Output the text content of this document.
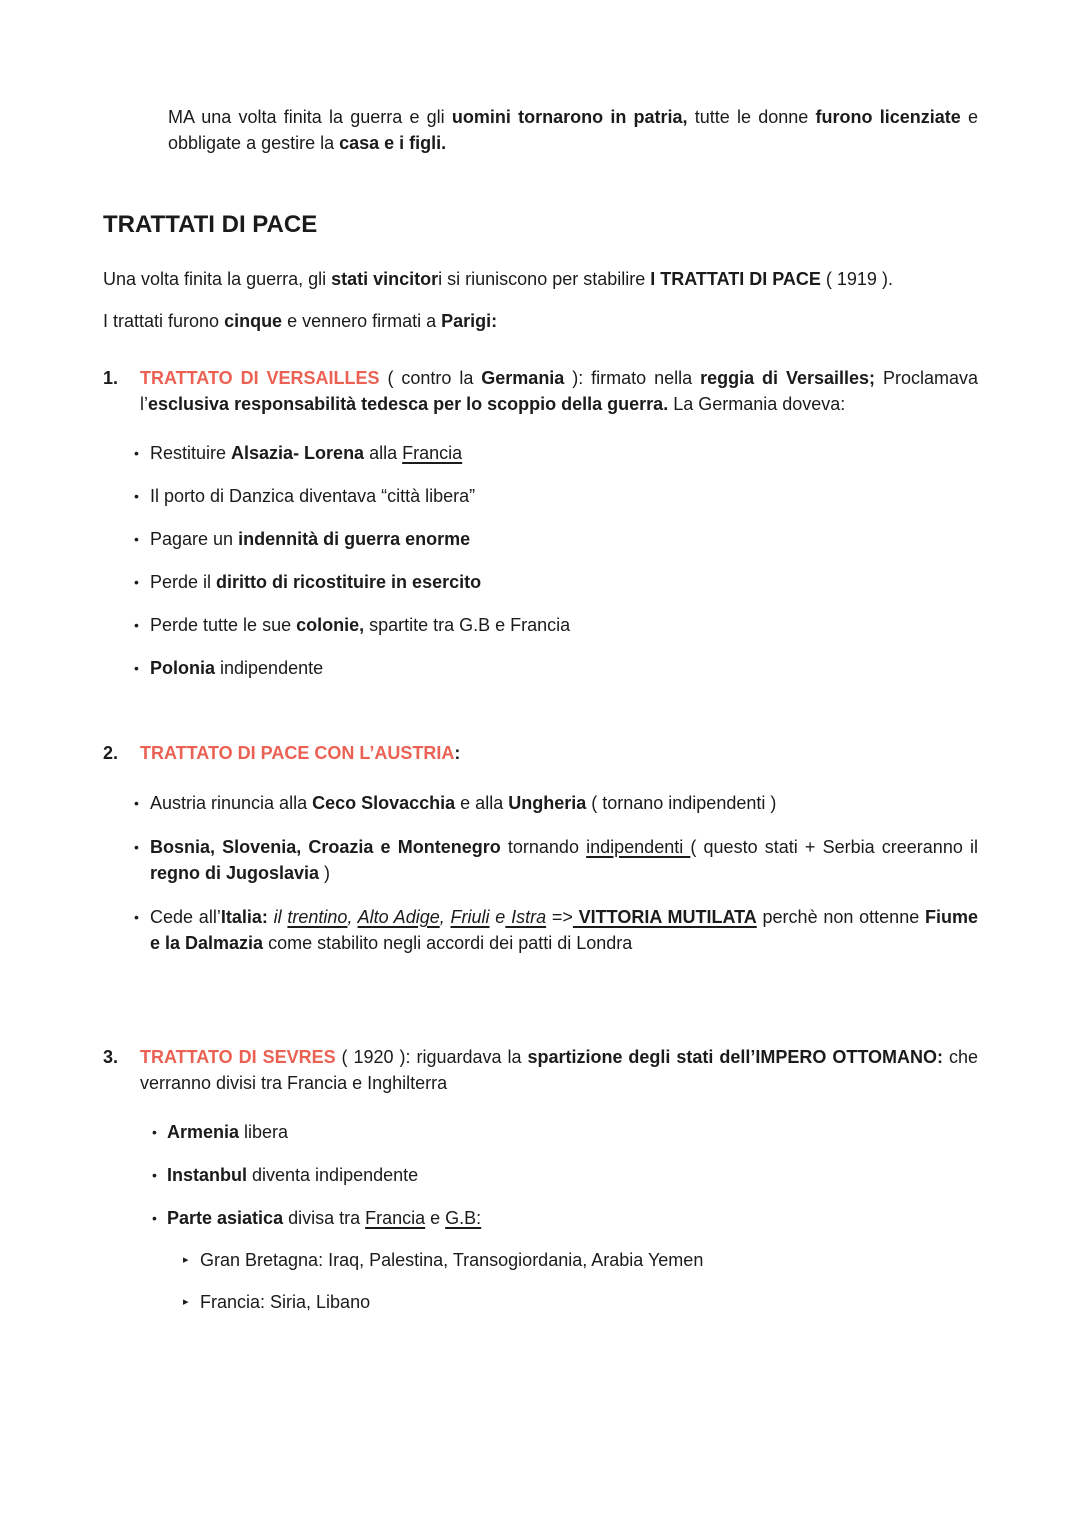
MA una volta finita la guerra e gli uomini tornarono in patria, tutte le donne furono licenziate e obbligate a gestire la casa e i figli.
TRATTATI DI PACE
Una volta finita la guerra, gli stati vincitori si riuniscono per stabilire I TRATTATI DI PACE ( 1919 ).
I trattati furono cinque e vennero firmati a Parigi:
1.	TRATTATO DI VERSAILLES ( contro la Germania ): firmato nella reggia di Versailles; Proclamava l’esclusiva responsabilità tedesca per lo scoppio della guerra. La Germania doveva:
• Restituire Alsazia- Lorena alla Francia
• Il porto di Danzica diventava “città libera”
• Pagare un indennità di guerra enorme
• Perde il diritto di ricostituire in esercito
• Perde tutte le sue colonie, spartite tra G.B e Francia
• Polonia indipendente
2.	TRATTATO DI PACE CON L’AUSTRIA:
• Austria rinuncia alla Ceco Slovacchia e alla Ungheria ( tornano indipendenti )
• Bosnia, Slovenia, Croazia e Montenegro tornando indipendenti ( questo stati + Serbia creeranno il regno di Jugoslavia )
• Cede all’Italia: il trentino, Alto Adige, Friuli e Istra => VITTORIA MUTILATA perchè non ottenne Fiume e la Dalmazia come stabilito negli accordi dei patti di Londra
3.	TRATTATO DI SEVRES ( 1920 ): riguardava la spartizione degli stati dell’IMPERO OTTOMANO: che verranno divisi tra Francia e Inghilterra
• Armenia libera
• Instanbul diventa indipendente
• Parte asiatica divisa tra Francia e G.B:
▸ Gran Bretagna: Iraq, Palestina, Transogiordania, Arabia Yemen
▸ Francia: Siria, Libano
